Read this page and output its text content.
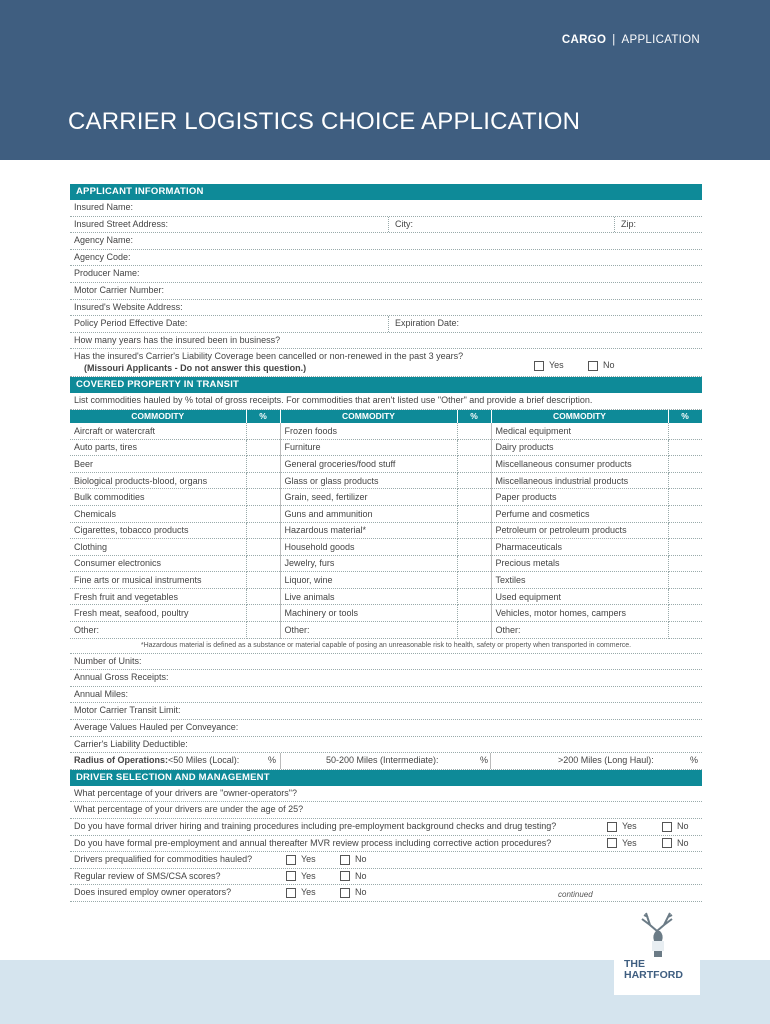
CARGO | APPLICATION
CARRIER LOGISTICS CHOICE APPLICATION
APPLICANT INFORMATION
Insured Name:
Insured Street Address:	City:	Zip:
Agency Name:
Agency Code:
Producer Name:
Motor Carrier Number:
Insured's Website Address:
Policy Period Effective Date:	Expiration Date:
How many years has the insured been in business?
Has the insured's Carrier's Liability Coverage been cancelled or non-renewed in the past 3 years?
(Missouri Applicants - Do not answer this question.)	Yes	No
COVERED PROPERTY IN TRANSIT
List commodities hauled by % total of gross receipts. For commodities that aren't listed use "Other" and provide a brief description.
COMMODITY	%	COMMODITY	%	COMMODITY	%
Aircraft or watercraft		Frozen foods		Medical equipment	
Auto parts, tires		Furniture		Dairy products	
Beer		General groceries/food stuff		Miscellaneous consumer products	
Biological products-blood, organs		Glass or glass products		Miscellaneous industrial products	
Bulk commodities		Grain, seed, fertilizer		Paper products	
Chemicals		Guns and ammunition		Perfume and cosmetics	
Cigarettes, tobacco products		Hazardous material*		Petroleum or petroleum products	
Clothing		Household goods		Pharmaceuticals	
Consumer electronics		Jewelry, furs		Precious metals	
Fine arts or musical instruments		Liquor, wine		Textiles	
Fresh fruit and vegetables		Live animals		Used equipment	
Fresh meat, seafood, poultry		Machinery or tools		Vehicles, motor homes, campers	
Other:		Other:		Other:	
*Hazardous material is defined as a substance or material capable of posing an unreasonable risk to health, safety or property when transported in commerce.
Number of Units:
Annual Gross Receipts:
Annual Miles:
Motor Carrier Transit Limit:
Average Values Hauled per Conveyance:
Carrier's Liability Deductible:
Radius of Operations: <50 Miles (Local):	%	50-200 Miles (Intermediate):	%	>200 Miles (Long Haul):	%
DRIVER SELECTION AND MANAGEMENT
What percentage of your drivers are "owner-operators"?
What percentage of your drivers are under the age of 25?
Do you have formal driver hiring and training procedures including pre-employment background checks and drug testing?	Yes	No
Do you have formal pre-employment and annual thereafter MVR review process including corrective action procedures?	Yes	No
Drivers prequalified for commodities hauled?	Yes	No
Regular review of SMS/CSA scores?	Yes	No
Does insured employ owner operators?	Yes	No	continued
THE
HARTFORD
